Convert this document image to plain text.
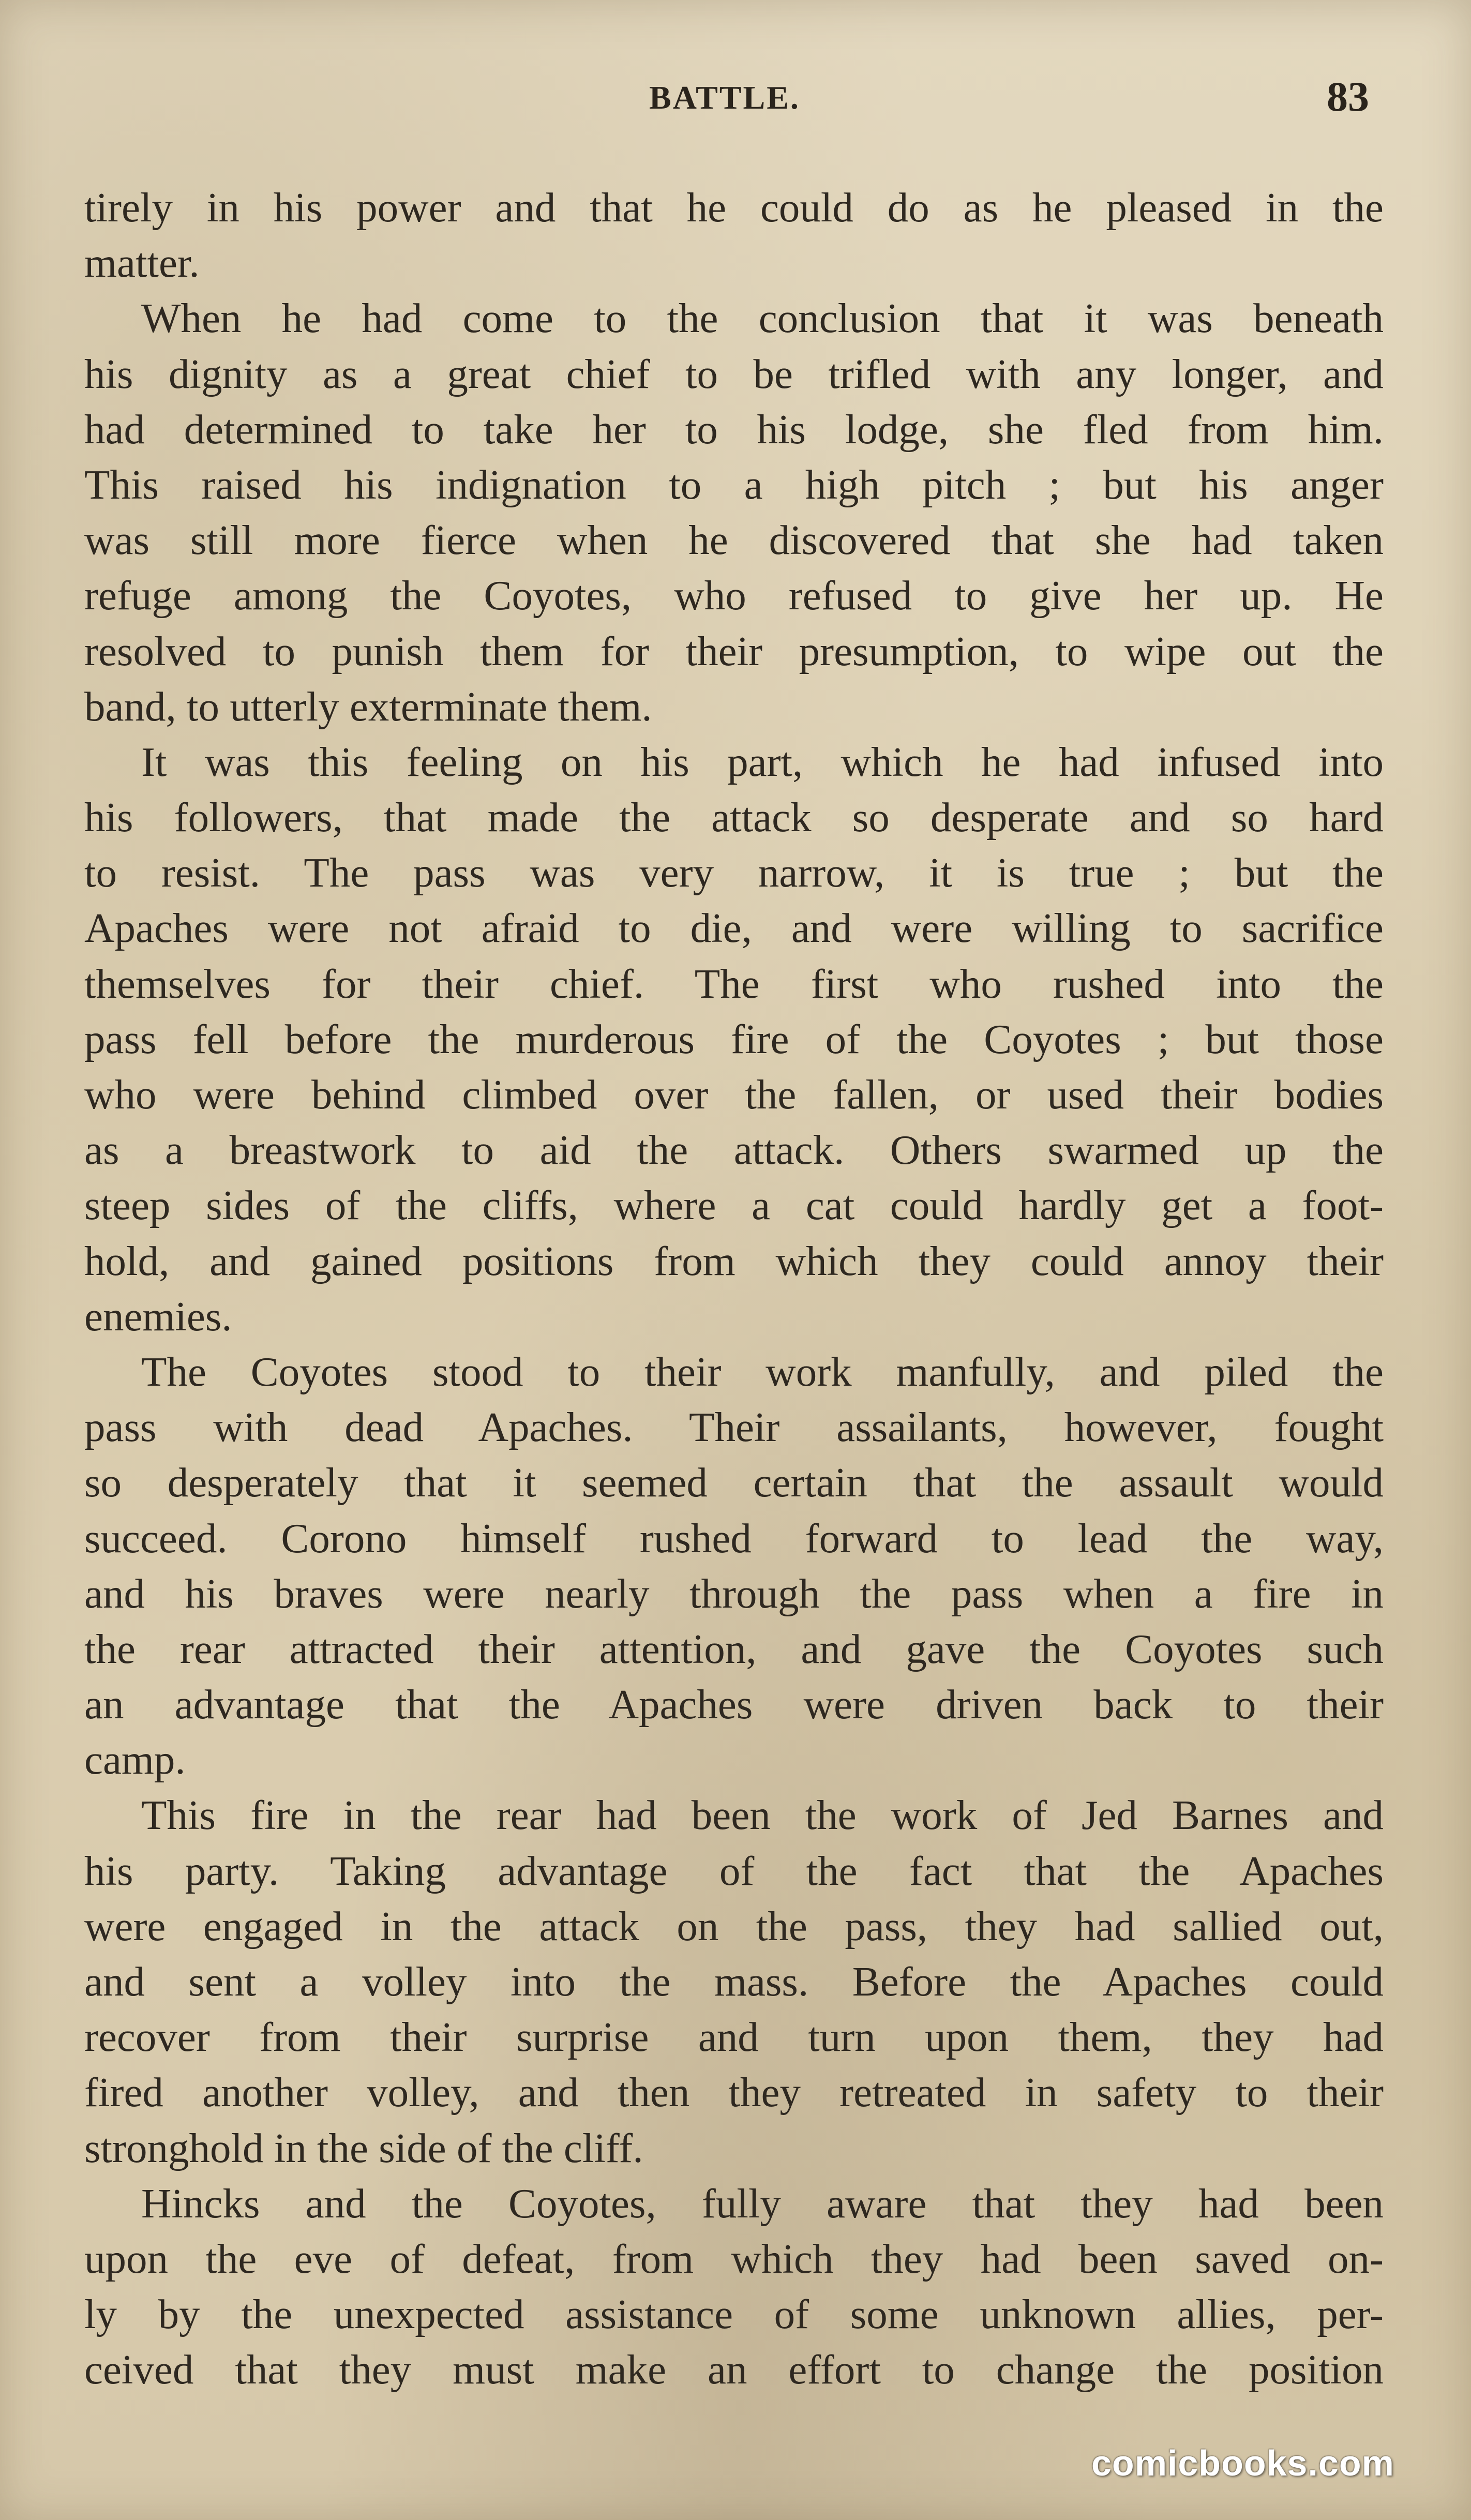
BATTLE.	83
tirely in his power and that he could do as he pleased in the
matter.
When he had come to the conclusion that it was beneath
his dignity as a great chief to be trifled with any longer, and
had determined to take her to his lodge, she fled from him.
This raised his indignation to a high pitch ; but his anger
was still more fierce when he discovered that she had taken
refuge among the Coyotes, who refused to give her up. He
resolved to punish them for their presumption, to wipe out the
band, to utterly exterminate them.
It was this feeling on his part, which he had infused into
his followers, that made the attack so desperate and so hard
to resist. The pass was very narrow, it is true ; but the
Apaches were not afraid to die, and were willing to sacrifice
themselves for their chief. The first who rushed into the
pass fell before the murderous fire of the Coyotes ; but those
who were behind climbed over the fallen, or used their bodies
as a breastwork to aid the attack. Others swarmed up the
steep sides of the cliffs, where a cat could hardly get a foot-
hold, and gained positions from which they could annoy their
enemies.
The Coyotes stood to their work manfully, and piled the
pass with dead Apaches. Their assailants, however, fought
so desperately that it seemed certain that the assault would
succeed. Corono himself rushed forward to lead the way,
and his braves were nearly through the pass when a fire in
the rear attracted their attention, and gave the Coyotes such
an advantage that the Apaches were driven back to their
camp.
This fire in the rear had been the work of Jed Barnes and
his party. Taking advantage of the fact that the Apaches
were engaged in the attack on the pass, they had sallied out,
and sent a volley into the mass. Before the Apaches could
recover from their surprise and turn upon them, they had
fired another volley, and then they retreated in safety to their
stronghold in the side of the cliff.
Hincks and the Coyotes, fully aware that they had been
upon the eve of defeat, from which they had been saved on-
ly by the unexpected assistance of some unknown allies, per-
ceived that they must make an effort to change the position
comicbooks.com
